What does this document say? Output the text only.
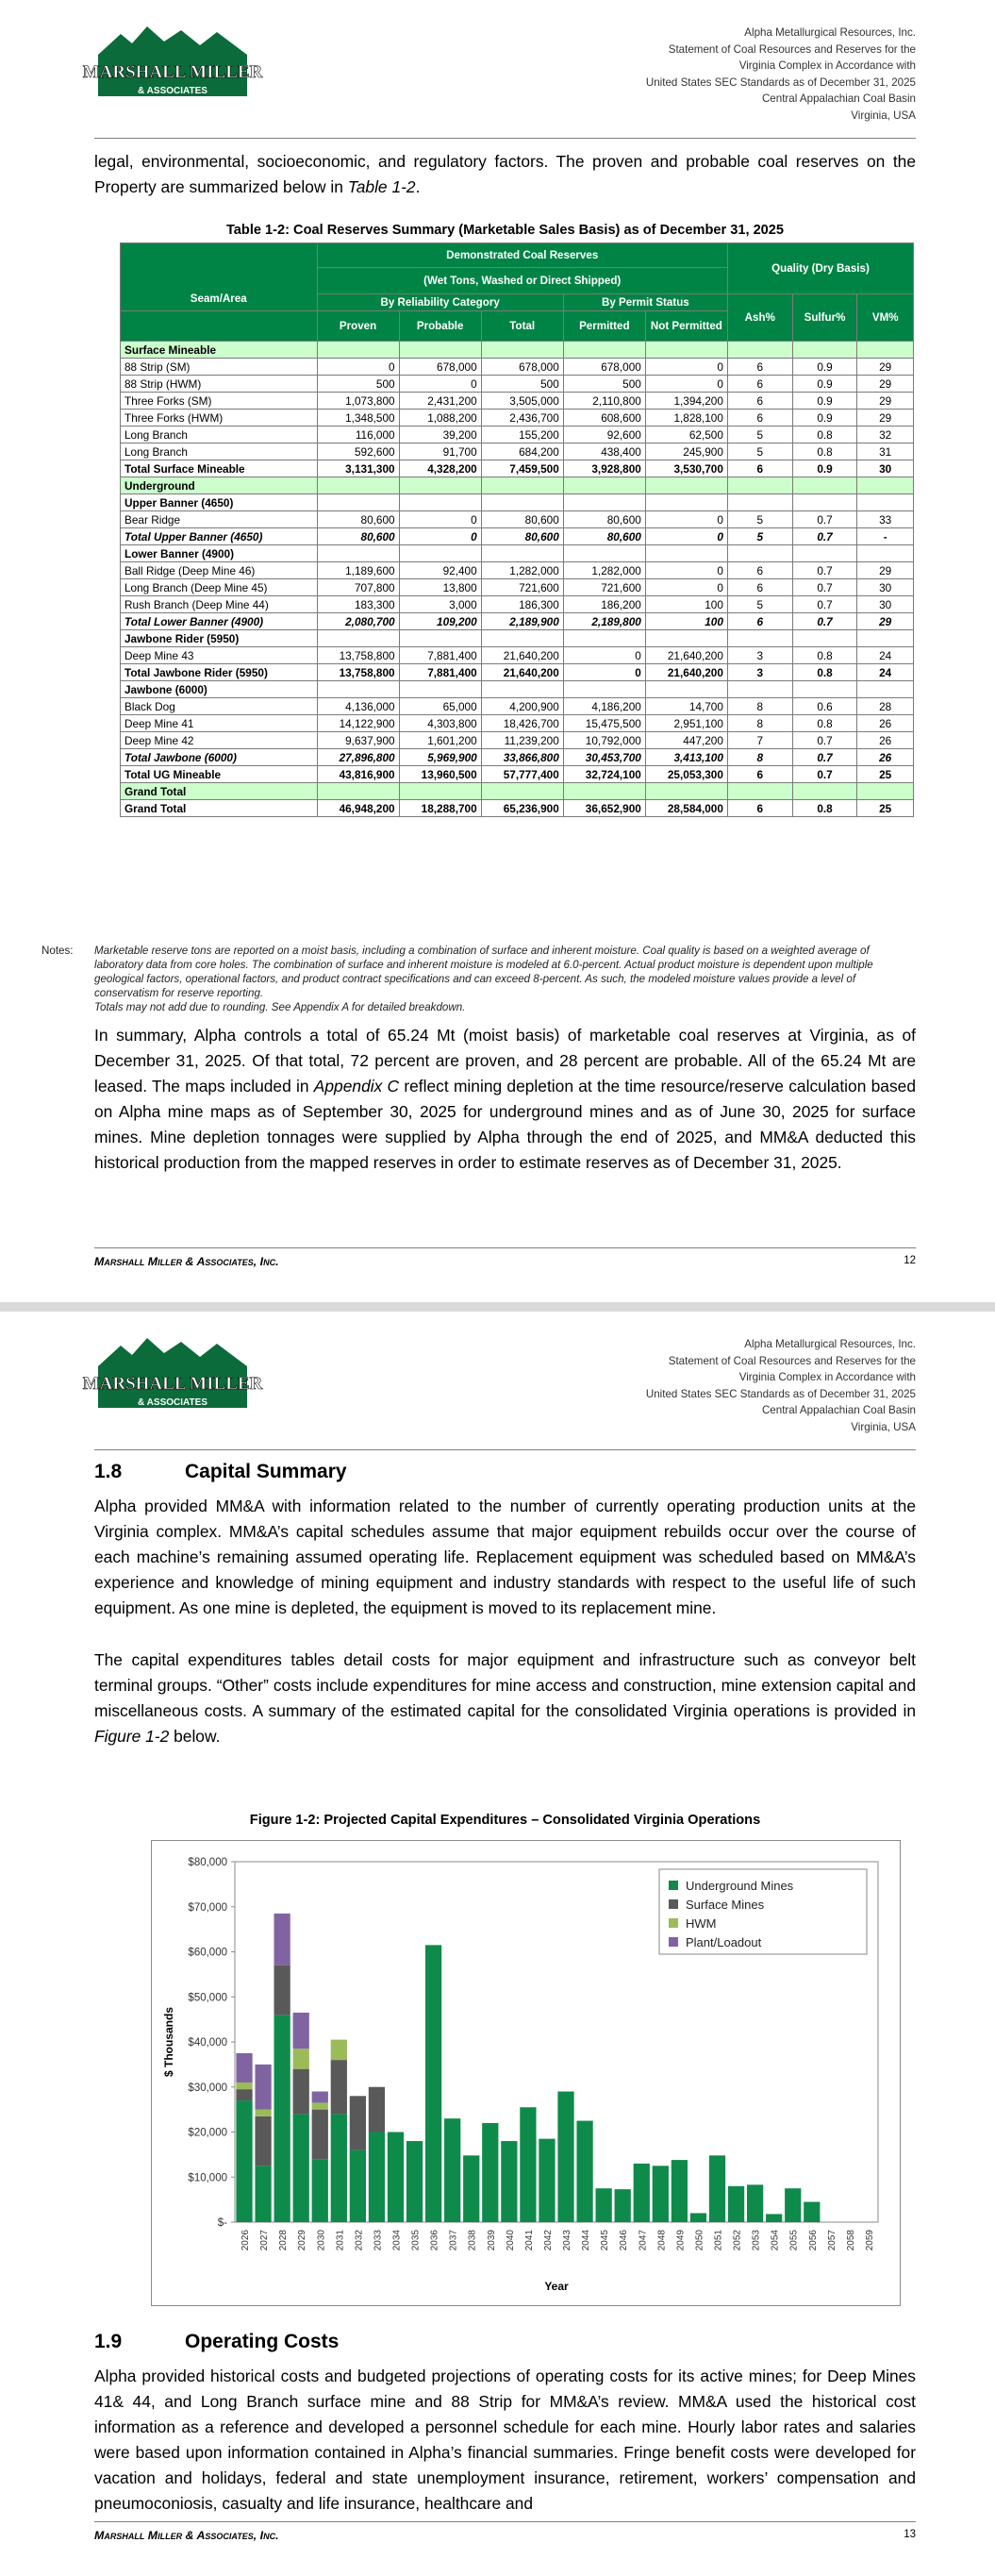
MARSHALL MILLER
& ASSOCIATES
Alpha Metallurgical Resources, Inc.
Statement of Coal Resources and Reserves for the
Virginia Complex in Accordance with
United States SEC Standards as of December 31, 2025
Central Appalachian Coal Basin
Virginia, USA
legal, environmental, socioeconomic, and regulatory factors. The proven and probable coal reserves on the Property are summarized below in Table 1-2.
Table 1-2: Coal Reserves Summary (Marketable Sales Basis) as of December 31, 2025
Seam/Area	Demonstrated Coal Reserves					Quality (Dry Basis)		
	(Wet Tons, Washed or Direct Shipped)							
	By Reliability Category			By Permit Status		Ash%	Sulfur%	VM%
	Proven	Probable	Total	Permitted	Not Permitted			
Surface Mineable								
88 Strip (SM)	0	678,000	678,000	678,000	0	6	0.9	29
88 Strip (HWM)	500	0	500	500	0	6	0.9	29
Three Forks (SM)	1,073,800	2,431,200	3,505,000	2,110,800	1,394,200	6	0.9	29
Three Forks (HWM)	1,348,500	1,088,200	2,436,700	608,600	1,828,100	6	0.9	29
Long Branch	116,000	39,200	155,200	92,600	62,500	5	0.8	32
Long Branch	592,600	91,700	684,200	438,400	245,900	5	0.8	31
Total Surface Mineable	3,131,300	4,328,200	7,459,500	3,928,800	3,530,700	6	0.9	30
Underground								
Upper Banner (4650)								
Bear Ridge	80,600	0	80,600	80,600	0	5	0.7	33
Total Upper Banner (4650)	80,600	0	80,600	80,600	0	5	0.7	-
Lower Banner (4900)								
Ball Ridge (Deep Mine 46)	1,189,600	92,400	1,282,000	1,282,000	0	6	0.7	29
Long Branch (Deep Mine 45)	707,800	13,800	721,600	721,600	0	6	0.7	30
Rush Branch (Deep Mine 44)	183,300	3,000	186,300	186,200	100	5	0.7	30
Total Lower Banner (4900)	2,080,700	109,200	2,189,900	2,189,800	100	6	0.7	29
Jawbone Rider (5950)								
Deep Mine 43	13,758,800	7,881,400	21,640,200	0	21,640,200	3	0.8	24
Total Jawbone Rider (5950)	13,758,800	7,881,400	21,640,200	0	21,640,200	3	0.8	24
Jawbone (6000)								
Black Dog	4,136,000	65,000	4,200,900	4,186,200	14,700	8	0.6	28
Deep Mine 41	14,122,900	4,303,800	18,426,700	15,475,500	2,951,100	8	0.8	26
Deep Mine 42	9,637,900	1,601,200	11,239,200	10,792,000	447,200	7	0.7	26
Total Jawbone (6000)	27,896,800	5,969,900	33,866,800	30,453,700	3,413,100	8	0.7	26
Total UG Mineable	43,816,900	13,960,500	57,777,400	32,724,100	25,053,300	6	0.7	25
Grand Total								
Grand Total	46,948,200	18,288,700	65,236,900	36,652,900	28,584,000	6	0.8	25
Notes:	Marketable reserve tons are reported on a moist basis, including a combination of surface and inherent moisture. Coal quality is based on a weighted average of laboratory data from core holes. The combination of surface and inherent moisture is modeled at 6.0-percent. Actual product moisture is dependent upon multiple geological factors, operational factors, and product contract specifications and can exceed 8-percent. As such, the modeled moisture values provide a level of conservatism for reserve reporting.
Totals may not add due to rounding. See Appendix A for detailed breakdown.
In summary, Alpha controls a total of 65.24 Mt (moist basis) of marketable coal reserves at Virginia, as of December 31, 2025. Of that total, 72 percent are proven, and 28 percent are probable. All of the 65.24 Mt are leased. The maps included in Appendix C reflect mining depletion at the time resource/reserve calculation based on Alpha mine maps as of September 30, 2025 for underground mines and as of June 30, 2025 for surface mines. Mine depletion tonnages were supplied by Alpha through the end of 2025, and MM&A deducted this historical production from the mapped reserves in order to estimate reserves as of December 31, 2025.
Marshall Miller & Associates, Inc.	12
MARSHALL MILLER
& ASSOCIATES
Alpha Metallurgical Resources, Inc.
Statement of Coal Resources and Reserves for the
Virginia Complex in Accordance with
United States SEC Standards as of December 31, 2025
Central Appalachian Coal Basin
Virginia, USA
1.8	Capital Summary
Alpha provided MM&A with information related to the number of currently operating production units at the Virginia complex. MM&A’s capital schedules assume that major equipment rebuilds occur over the course of each machine’s remaining assumed operating life. Replacement equipment was scheduled based on MM&A’s experience and knowledge of mining equipment and industry standards with respect to the useful life of such equipment. As one mine is depleted, the equipment is moved to its replacement mine.
The capital expenditures tables detail costs for major equipment and infrastructure such as conveyor belt terminal groups. “Other” costs include expenditures for mine access and construction, mine extension capital and miscellaneous costs. A summary of the estimated capital for the consolidated Virginia operations is provided in Figure 1-2 below.
Figure 1-2: Projected Capital Expenditures – Consolidated Virginia Operations
$-
$10,000
$20,000
$30,000
$40,000
$50,000
$60,000
$70,000
$80,000
$ Thousands
2026 2027 2028 2029 2030 2031 2032 2033 2034 2035 2036 2037 2038 2039 2040 2041 2042 2043 2044 2045 2046 2047 2048 2049 2050 2051 2052 2053 2054 2055 2056 2057 2058 2059
Year
Underground Mines
Surface Mines
HWM
Plant/Loadout
1.9	Operating Costs
Alpha provided historical costs and budgeted projections of operating costs for its active mines; for Deep Mines 41& 44, and Long Branch surface mine and 88 Strip for MM&A’s review. MM&A used the historical cost information as a reference and developed a personnel schedule for each mine. Hourly labor rates and salaries were based upon information contained in Alpha’s financial summaries. Fringe benefit costs were developed for vacation and holidays, federal and state unemployment insurance, retirement, workers’ compensation and pneumoconiosis, casualty and life insurance, healthcare and
Marshall Miller & Associates, Inc.	13
